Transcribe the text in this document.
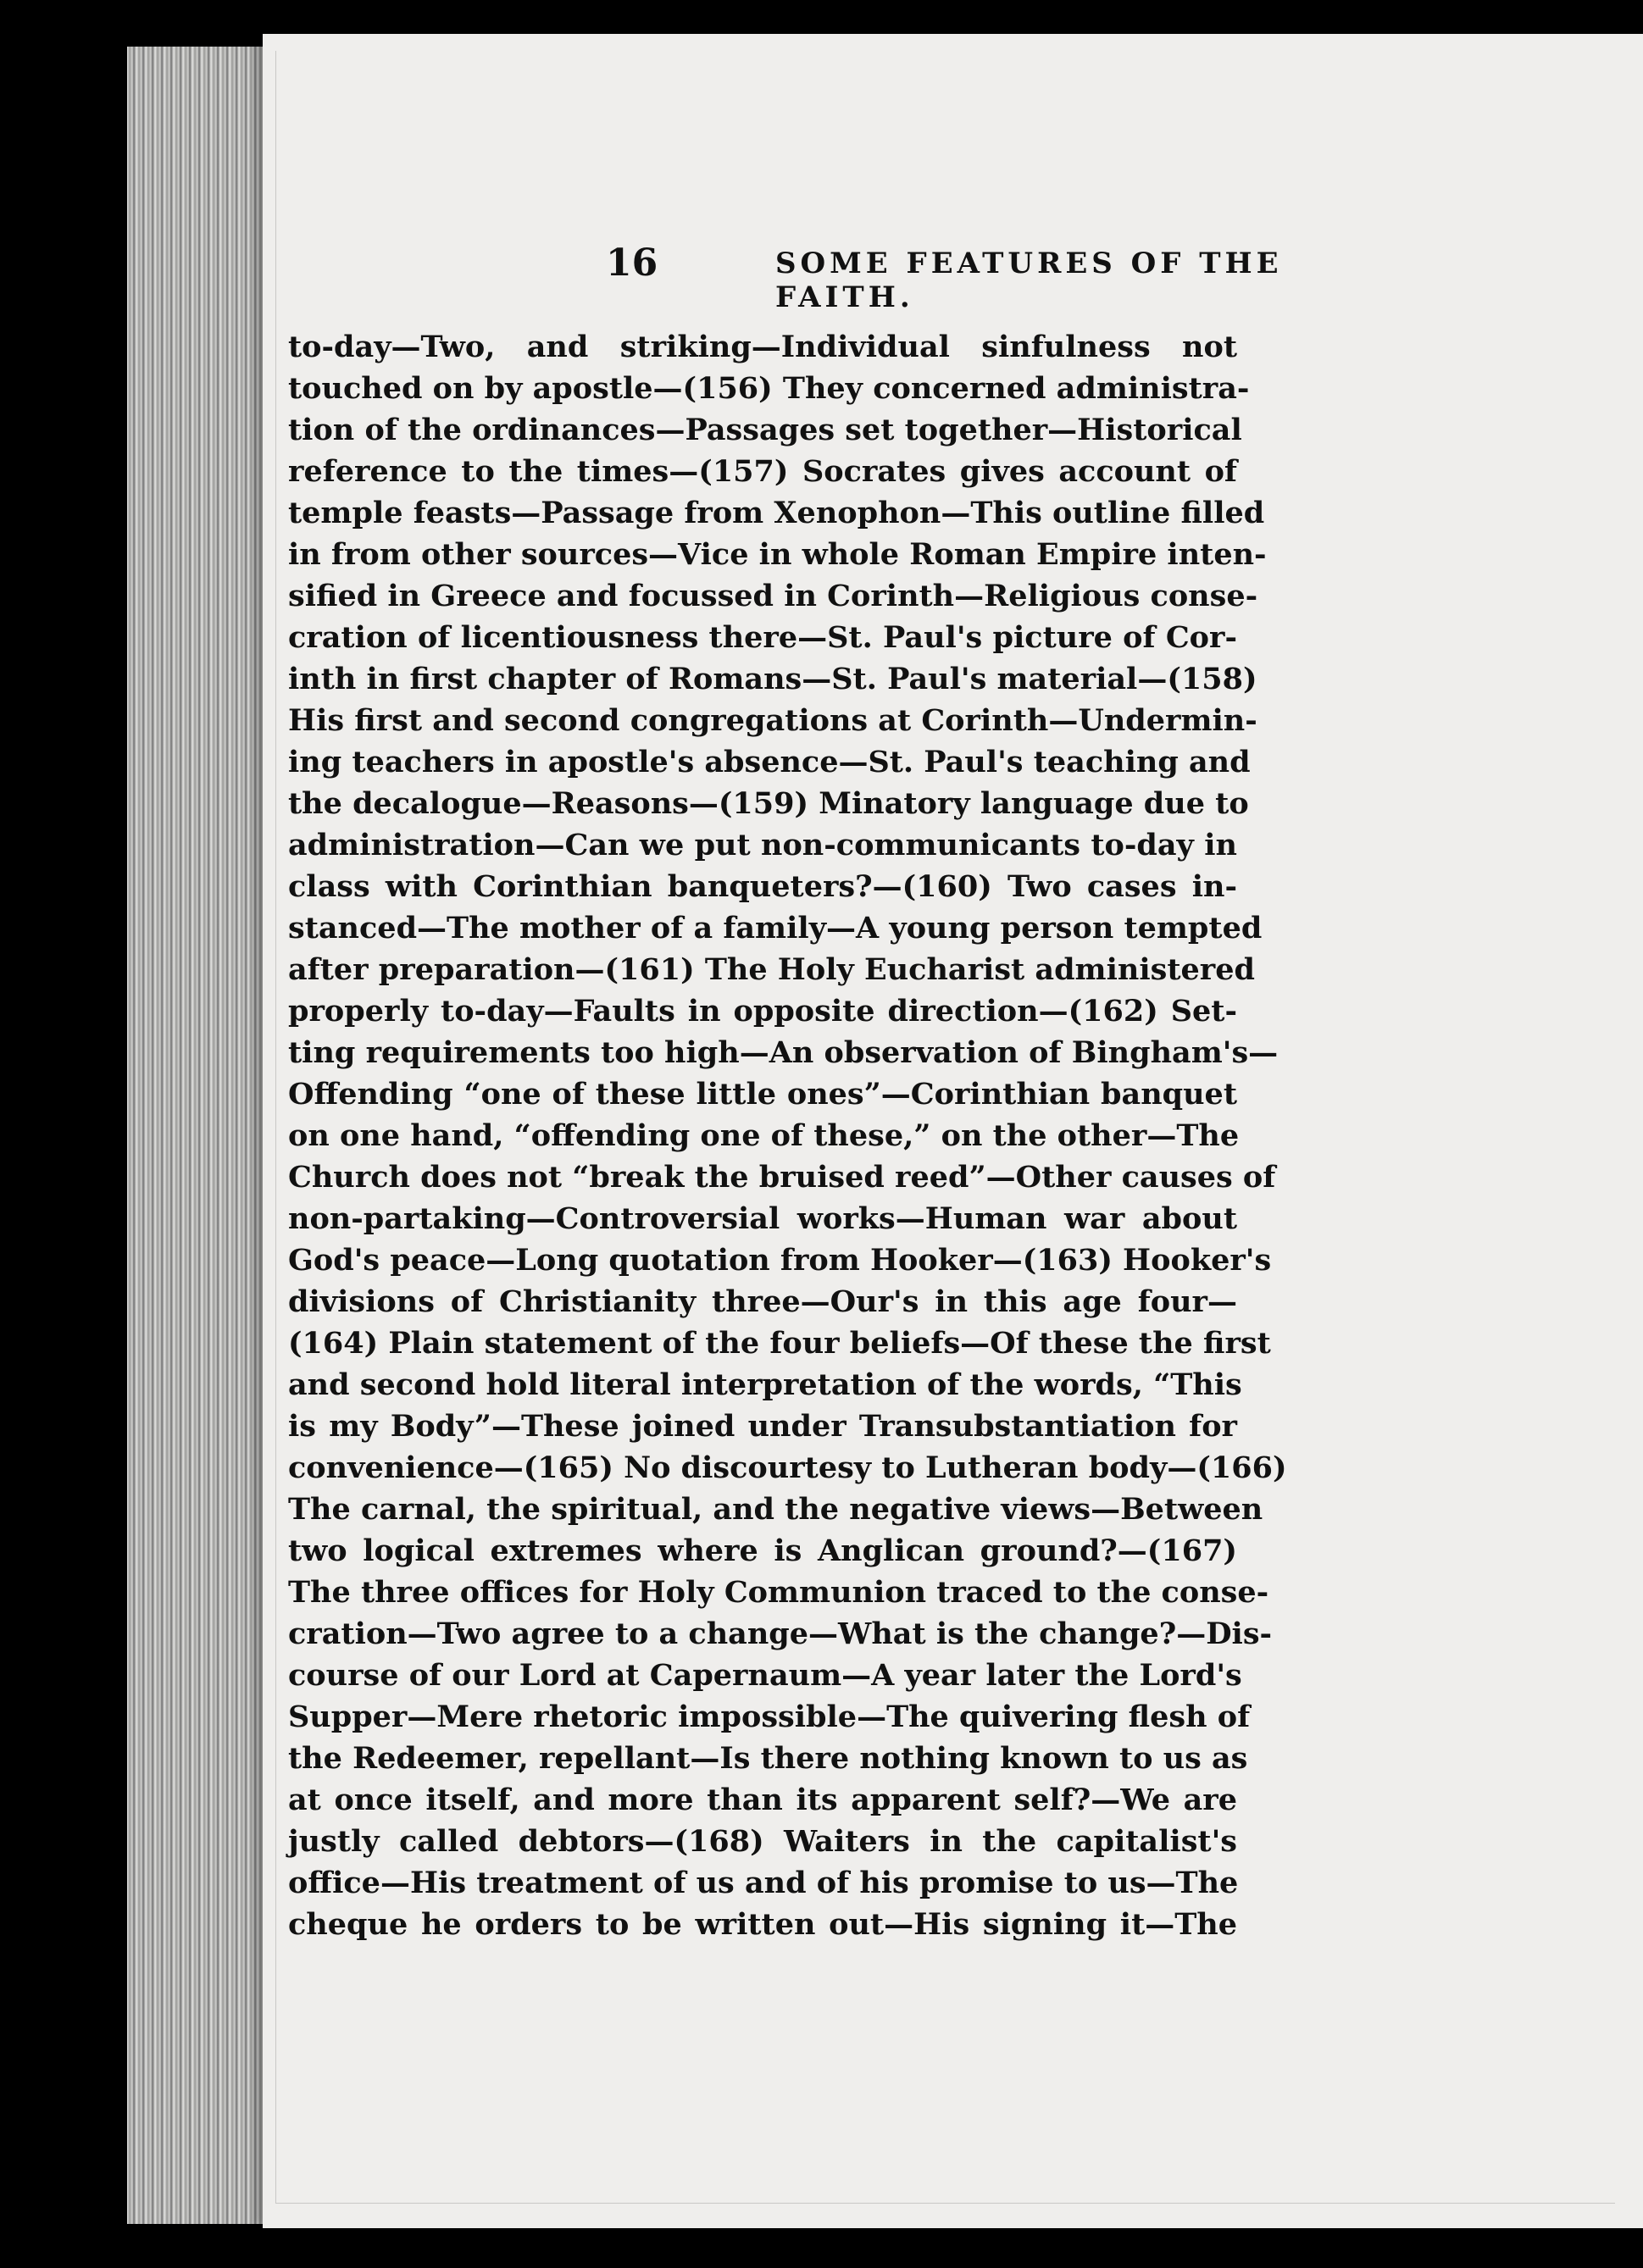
16	SOME FEATURES OF THE FAITH.
to-day—Two, and striking—Individual sinfulness not
touched on by apostle—(156) They concerned administra-
tion of the ordinances—Passages set together—Historical
reference to the times—(157) Socrates gives account of
temple feasts—Passage from Xenophon—This outline filled
in from other sources—Vice in whole Roman Empire inten-
sified in Greece and focussed in Corinth—Religious conse-
cration of licentiousness there—St. Paul's picture of Cor-
inth in first chapter of Romans—St. Paul's material—(158)
His first and second congregations at Corinth—Undermin-
ing teachers in apostle's absence—St. Paul's teaching and
the decalogue—Reasons—(159) Minatory language due to
administration—Can we put non-communicants to-day in
class with Corinthian banqueters?—(160) Two cases in-
stanced—The mother of a family—A young person tempted
after preparation—(161) The Holy Eucharist administered
properly to-day—Faults in opposite direction—(162) Set-
ting requirements too high—An observation of Bingham's—
Offending “one of these little ones”—Corinthian banquet
on one hand, “offending one of these,” on the other—The
Church does not “break the bruised reed”—Other causes of
non-partaking—Controversial works—Human war about
God's peace—Long quotation from Hooker—(163) Hooker's
divisions of Christianity three—Our's in this age four—
(164) Plain statement of the four beliefs—Of these the first
and second hold literal interpretation of the words, “This
is my Body”—These joined under Transubstantiation for
convenience—(165) No discourtesy to Lutheran body—(166)
The carnal, the spiritual, and the negative views—Between
two logical extremes where is Anglican ground?—(167)
The three offices for Holy Communion traced to the conse-
cration—Two agree to a change—What is the change?—Dis-
course of our Lord at Capernaum—A year later the Lord's
Supper—Mere rhetoric impossible—The quivering flesh of
the Redeemer, repellant—Is there nothing known to us as
at once itself, and more than its apparent self?—We are
justly called debtors—(168) Waiters in the capitalist's
office—His treatment of us and of his promise to us—The
cheque he orders to be written out—His signing it—The
